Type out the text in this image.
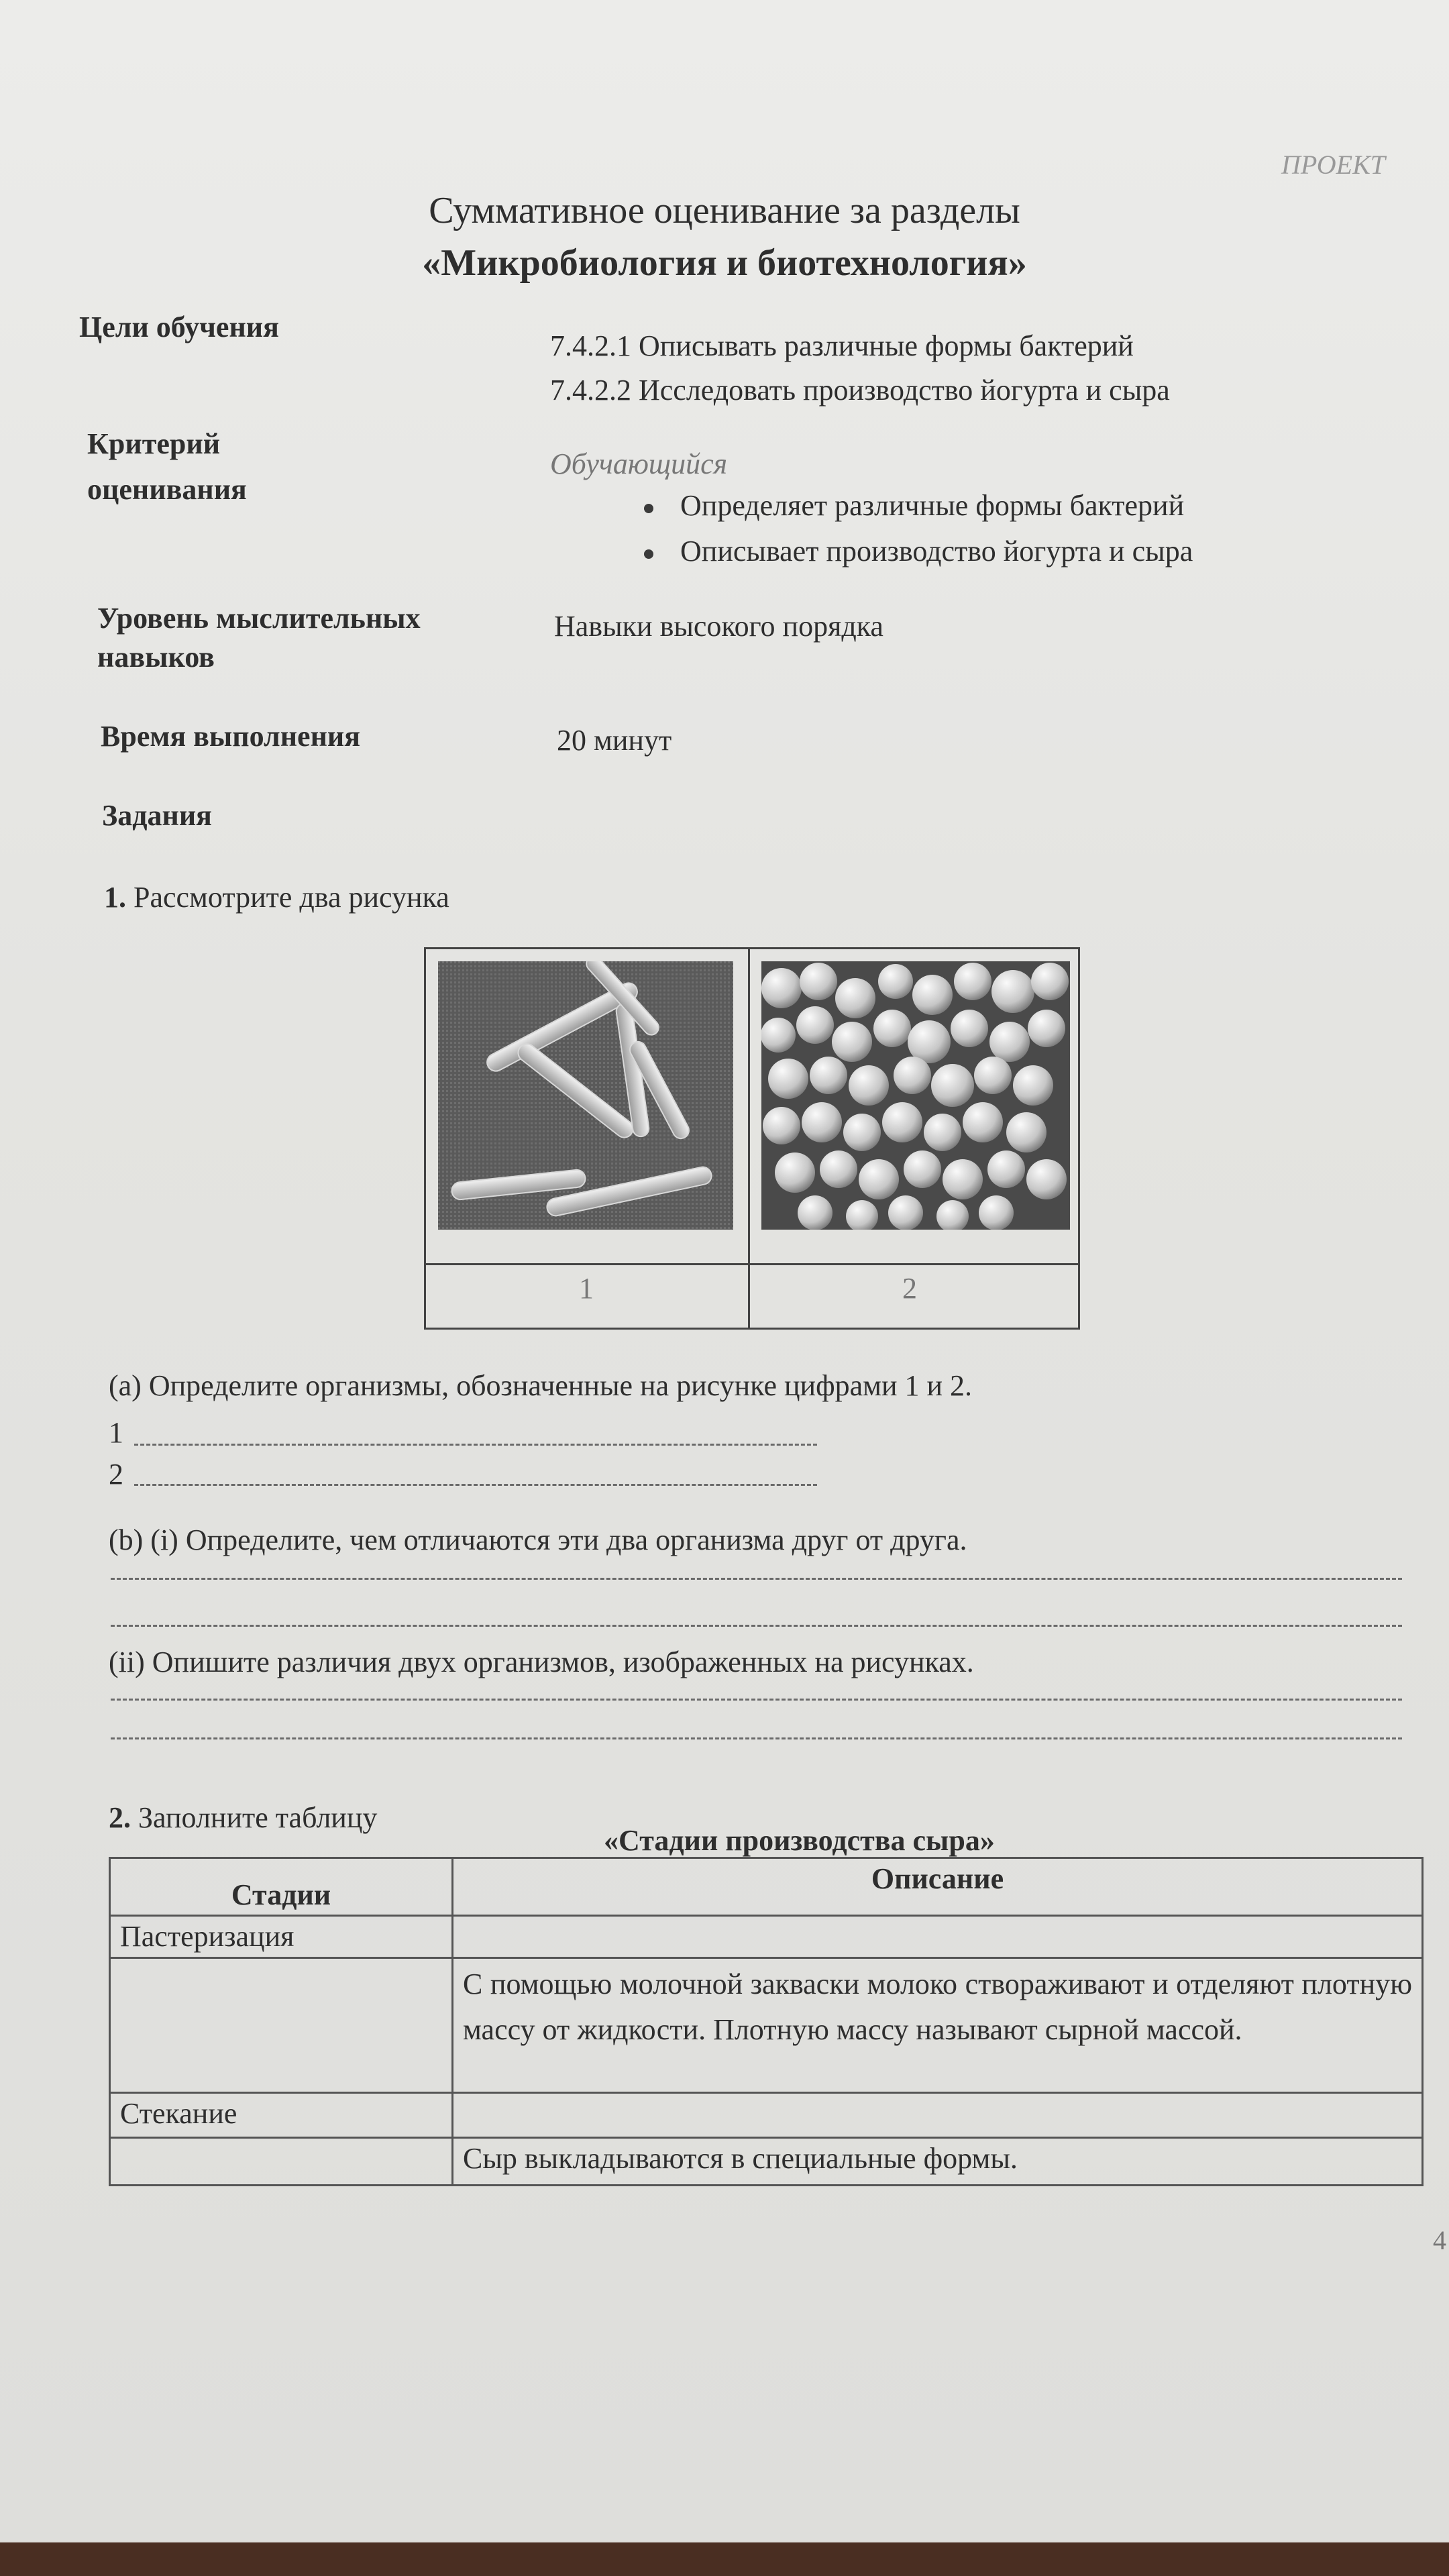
ПРОЕКТ
Суммативное оценивание за разделы
«Микробиология и биотехнология»
Цели обучения
7.4.2.1 Описывать различные формы бактерий
7.4.2.2 Исследовать производство йогурта и сыра
Критерий
оценивания
Обучающийся
Определяет различные формы бактерий
Описывает производство йогурта и сыра
Уровень мыслительных
навыков
Навыки высокого порядка
Время выполнения	20 минут
Задания
1. Рассмотрите два рисунка
1	2
(a) Определите организмы, обозначенные на рисунке цифрами 1 и 2.
1
2
(b) (i) Определите, чем отличаются эти два организма друг от друга.
(ii) Опишите различия двух организмов, изображенных на рисунках.
2. Заполните таблицу
«Стадии производства сыра»
Стадии	Описание
Пастеризация	
	С помощью молочной закваски молоко створаживают и отделяют плотную массу от жидкости. Плотную массу называют сырной массой.
Стекание	
	Сыр выкладываются в специальные формы.
4
